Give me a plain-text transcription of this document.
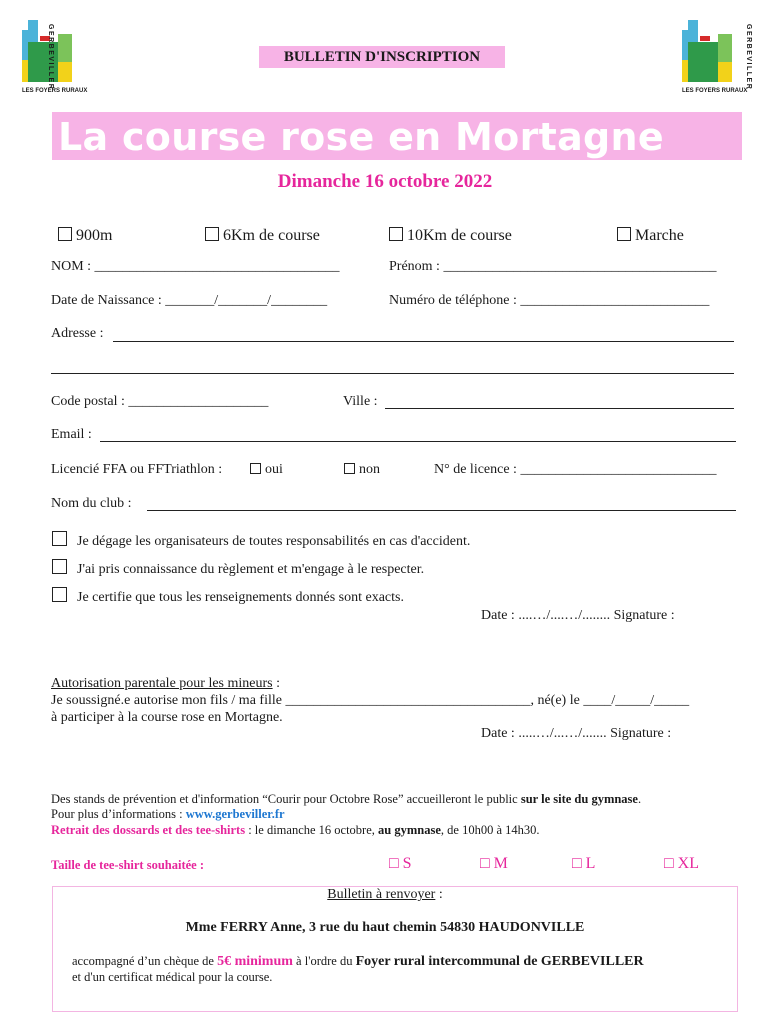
GERBEVILLER
LES FOYERS RURAUX
GERBEVILLER
LES FOYERS RURAUX
BULLETIN D'INSCRIPTION
La course rose en Mortagne
Dimanche 16 octobre 2022
900m	6Km de course	10Km de course	Marche
NOM : ___________________________________	Prénom : _______________________________________
Date de Naissance : _______/_______/________	Numéro de téléphone : ___________________________
Adresse :
Code postal : ____________________	Ville :
Email :
Licencié FFA ou FFTriathlon :	oui	non	N° de licence : ____________________________
Nom du club :
Je dégage les organisateurs de toutes responsabilités en cas d'accident.
J'ai pris connaissance du règlement et m'engage à le respecter.
Je certifie que tous les renseignements donnés sont exacts.
Date : ....…/....…/........ Signature :
Autorisation parentale pour les mineurs :
Je soussigné.e autorise mon fils / ma fille ___________________________________, né(e) le ____/_____/_____
à participer à la course rose en Mortagne.
Date : .....…/...…/....... Signature :
Des stands de prévention et d'information “Courir pour Octobre Rose” accueilleront le public sur le site du gymnase.
Pour plus d’informations : www.gerbeviller.fr
Retrait des dossards et des tee-shirts : le dimanche 16 octobre, au gymnase, de 10h00 à 14h30.
Taille de tee-shirt souhaitée :	□ S	□ M	□ L	□ XL
Bulletin à renvoyer :
Mme FERRY Anne, 3 rue du haut chemin 54830 HAUDONVILLE
accompagné d’un chèque de 5€ minimum à l'ordre du Foyer rural intercommunal de GERBEVILLER
et d'un certificat médical pour la course.
